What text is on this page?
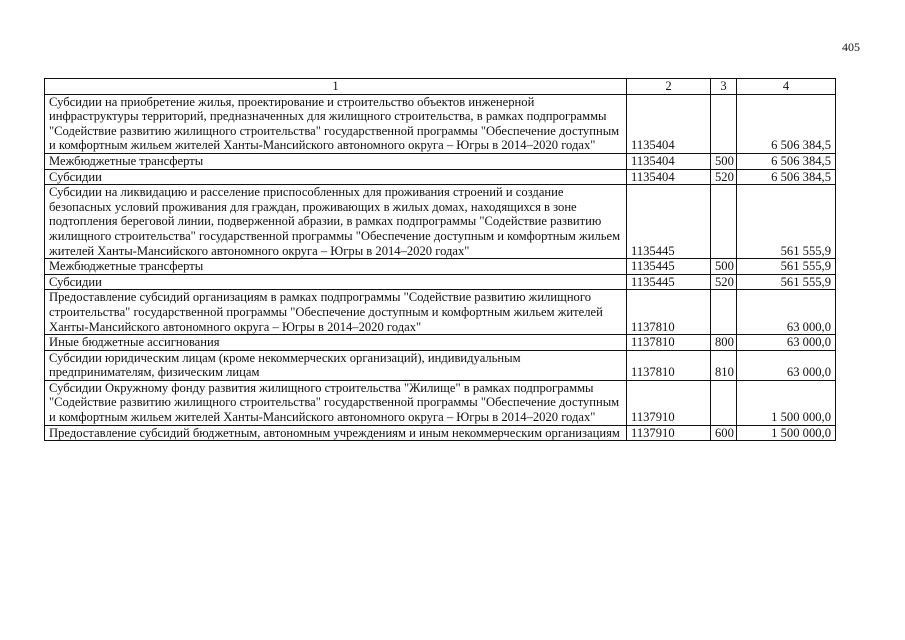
405
1	2	3	4
Субсидии на приобретение жилья, проектирование и строительство объектов инженерной инфраструктуры территорий, предназначенных для жилищного строительства, в рамках подпрограммы "Содействие развитию жилищного строительства" государственной программы "Обеспечение доступным и комфортным жильем жителей Ханты-Мансийского автономного округа – Югры в 2014–2020 годах"	1135404		6 506 384,5
Межбюджетные трансферты	1135404	500	6 506 384,5
Субсидии	1135404	520	6 506 384,5
Субсидии на ликвидацию и расселение приспособленных для проживания строений и создание безопасных условий проживания для граждан, проживающих в жилых домах, находящихся в зоне подтопления береговой линии, подверженной абразии, в рамках подпрограммы "Содействие развитию жилищного строительства" государственной программы "Обеспечение доступным и комфортным жильем жителей Ханты-Мансийского автономного округа – Югры в 2014–2020 годах"	1135445		561 555,9
Межбюджетные трансферты	1135445	500	561 555,9
Субсидии	1135445	520	561 555,9
Предоставление субсидий организациям в рамках подпрограммы "Содействие развитию жилищного строительства" государственной программы "Обеспечение доступным и комфортным жильем жителей Ханты-Мансийского автономного округа – Югры в 2014–2020 годах"	1137810		63 000,0
Иные бюджетные ассигнования	1137810	800	63 000,0
Субсидии юридическим лицам (кроме некоммерческих организаций), индивидуальным предпринимателям, физическим лицам	1137810	810	63 000,0
Субсидии Окружному фонду развития жилищного строительства "Жилище" в рамках подпрограммы "Содействие развитию жилищного строительства" государственной программы "Обеспечение доступным и комфортным жильем жителей Ханты-Мансийского автономного округа – Югры в 2014–2020 годах"	1137910		1 500 000,0
Предоставление субсидий бюджетным, автономным учреждениям и иным некоммерческим организациям	1137910	600	1 500 000,0
